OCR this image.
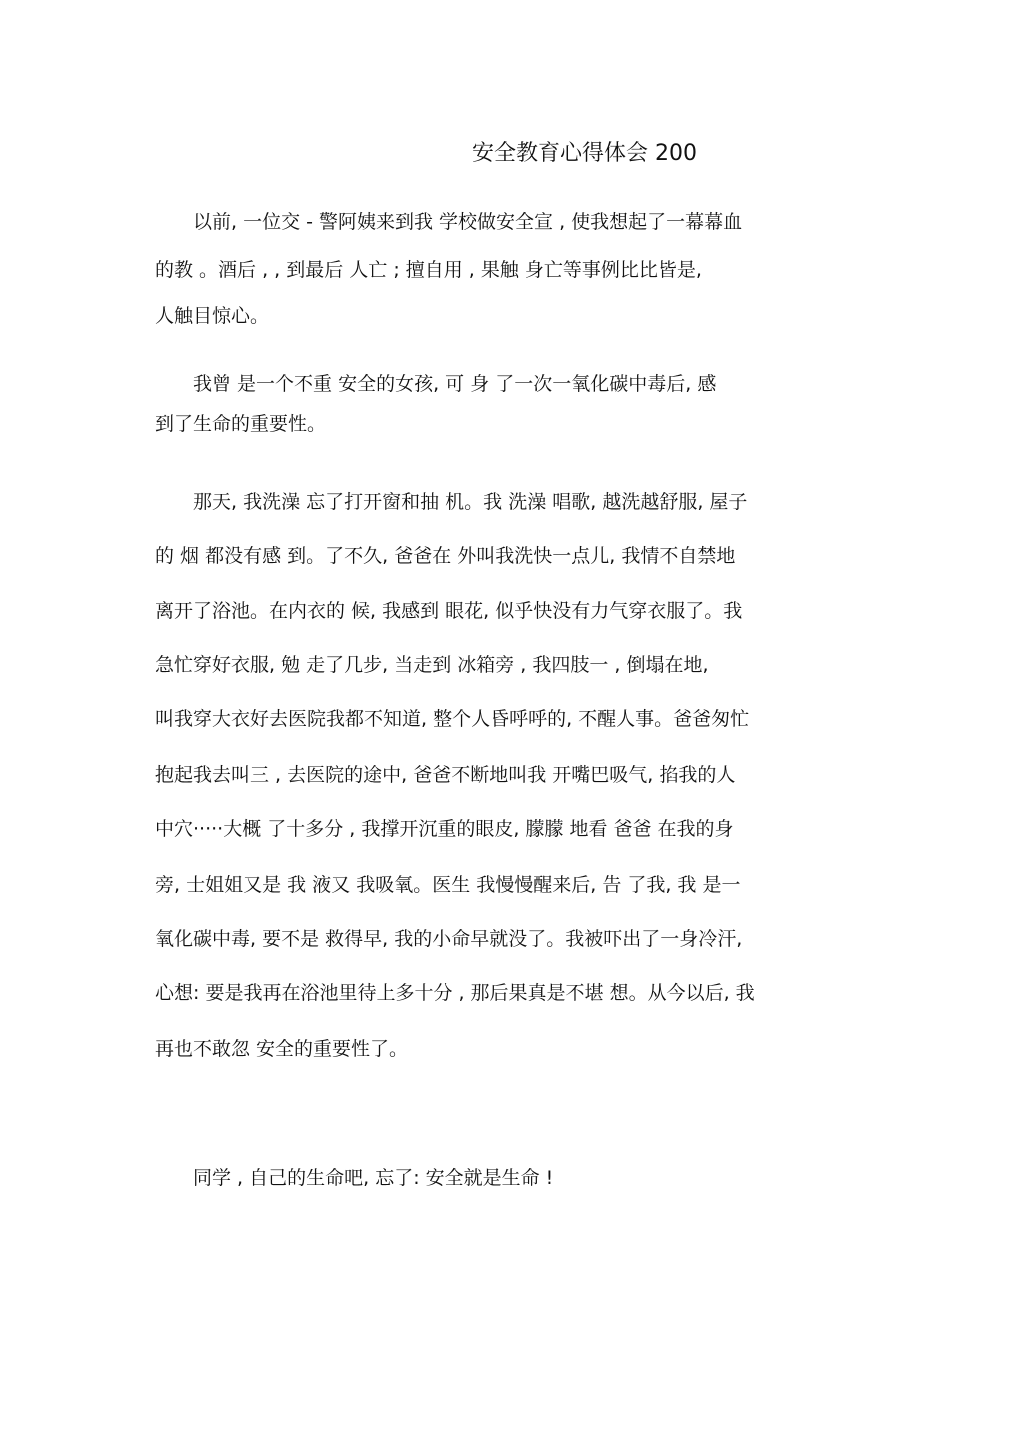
安全教育心得体会 200
　　以前, 一位交 - 警阿姨来到我 学校做安全宣 , 使我想起了一幕幕血
的教 。酒后 , , 到最后 人亡 ; 擅自用 , 果触 身亡等事例比比皆是,
人触目惊心。
　　我曾 是一个不重 安全的女孩, 可 身 了一次一氧化碳中毒后, 感
到了生命的重要性。
　　那天, 我洗澡 忘了打开窗和抽 机。我 洗澡 唱歌, 越洗越舒服, 屋子
的 烟 都没有感 到。了不久, 爸爸在 外叫我洗快一点儿, 我情不自禁地
离开了浴池。在内衣的 候, 我感到 眼花, 似乎快没有力气穿衣服了。我
急忙穿好衣服, 勉 走了几步, 当走到 冰箱旁 , 我四肢一 , 倒塌在地,
叫我穿大衣好去医院我都不知道, 整个人昏呼呼的, 不醒人事。爸爸匆忙
抱起我去叫三 , 去医院的途中, 爸爸不断地叫我 开嘴巴吸气, 掐我的人
中穴·····大概 了十多分 , 我撑开沉重的眼皮, 朦朦 地看 爸爸 在我的身
旁, 士姐姐又是 我 液又 我吸氧。医生 我慢慢醒来后, 告 了我, 我 是一
氧化碳中毒, 要不是 救得早, 我的小命早就没了。我被吓出了一身冷汗,
心想: 要是我再在浴池里待上多十分 , 那后果真是不堪 想。从今以后, 我
再也不敢忽 安全的重要性了。
　　同学 , 自己的生命吧, 忘了: 安全就是生命 !
